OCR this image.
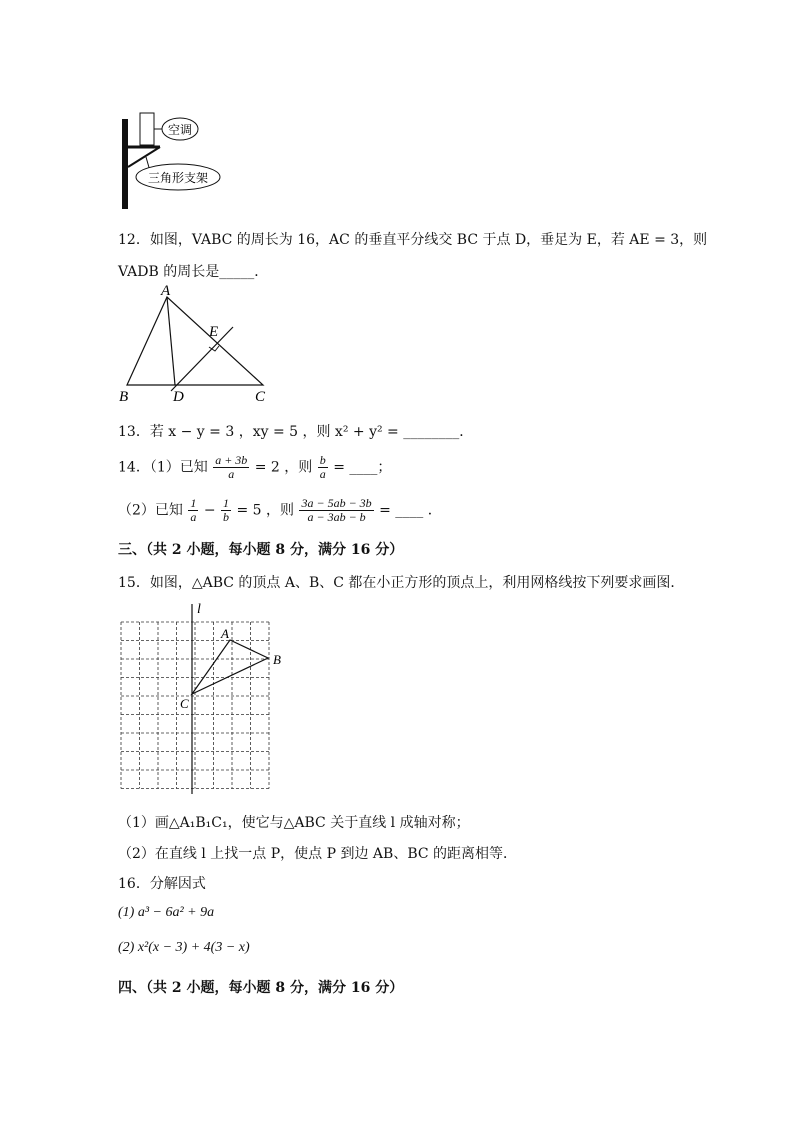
空调
三角形支架
12．如图，VABC 的周长为 16，AC 的垂直平分线交 BC 于点 D，垂足为 E，若 AE = 3，则
VADB 的周长是_____．
A
B	C
D
E
13．若 x − y = 3 ，xy = 5 ，则 x² + y² = ________．
14．（1）已知 $\frac{a + 3b}{a} = 2$ ，则 $\frac{b}{a}$ = ____；
（2）已知 $\frac{1}{a} - \frac{1}{b} = 5$ ，则 $\frac{3a - 5ab - 3b}{a - 3ab - b}$ = ____ ．
三、（共 2 小题，每小题 8 分，满分 16 分）
15．如图，△ABC 的顶点 A、B、C 都在小正方形的顶点上，利用网格线按下列要求画图．
l
A
B
C
（1）画△A₁B₁C₁，使它与△ABC 关于直线 l 成轴对称；
（2）在直线 l 上找一点 P，使点 P 到边 AB、BC 的距离相等．
16．分解因式
(1) a³ − 6a² + 9a
(2) x²(x − 3) + 4(3 − x)
四、（共 2 小题，每小题 8 分，满分 16 分）
